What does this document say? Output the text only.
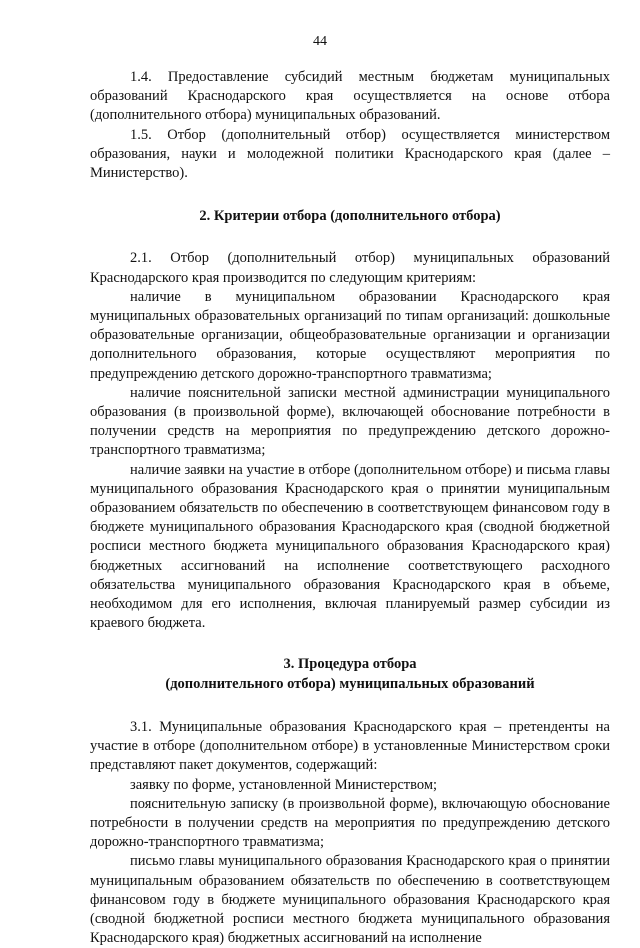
44

1.4. Предоставление субсидий местным бюджетам муниципальных образований Краснодарского края осуществляется на основе отбора (дополнительного отбора) муниципальных образований.

1.5. Отбор (дополнительный отбор) осуществляется министерством образования, науки и молодежной политики Краснодарского края (далее – Министерство).

2. Критерии отбора (дополнительного отбора)

2.1. Отбор (дополнительный отбор) муниципальных образований Краснодарского края производится по следующим критериям:

наличие в муниципальном образовании Краснодарского края муниципальных образовательных организаций по типам организаций: дошкольные образовательные организации, общеобразовательные организации и организации дополнительного образования, которые осуществляют мероприятия по предупреждению детского дорожно-транспортного травматизма;

наличие пояснительной записки местной администрации муниципального образования (в произвольной форме), включающей обоснование потребности в получении средств на мероприятия по предупреждению детского дорожно-транспортного травматизма;

наличие заявки на участие в отборе (дополнительном отборе) и письма главы муниципального образования Краснодарского края о принятии муниципальным образованием обязательств по обеспечению в соответствующем финансовом году в бюджете муниципального образования Краснодарского края (сводной бюджетной росписи местного бюджета муниципального образования Краснодарского края) бюджетных ассигнований на исполнение соответствующего расходного обязательства муниципального образования Краснодарского края в объеме, необходимом для его исполнения, включая планируемый размер субсидии из краевого бюджета.

3. Процедура отбора
(дополнительного отбора) муниципальных образований

3.1. Муниципальные образования Краснодарского края – претенденты на участие в отборе (дополнительном отборе) в установленные Министерством сроки представляют пакет документов, содержащий:

заявку по форме, установленной Министерством;

пояснительную записку (в произвольной форме), включающую обоснование потребности в получении средств на мероприятия по предупреждению детского дорожно-транспортного травматизма;

письмо главы муниципального образования Краснодарского края о принятии муниципальным образованием обязательств по обеспечению в соответствующем финансовом году в бюджете муниципального образования Краснодарского края (сводной бюджетной росписи местного бюджета муниципального образования Краснодарского края) бюджетных ассигнований на исполнение
